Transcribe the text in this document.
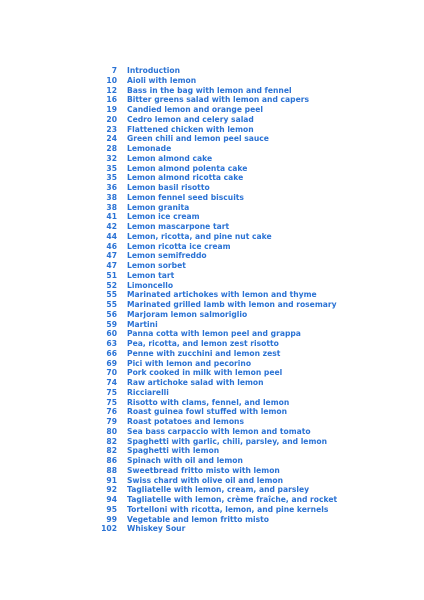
7 Introduction
10 Aioli with lemon
12 Bass in the bag with lemon and fennel
16 Bitter greens salad with lemon and capers
19 Candied lemon and orange peel
20 Cedro lemon and celery salad
23 Flattened chicken with lemon
24 Green chili and lemon peel sauce
28 Lemonade
32 Lemon almond cake
35 Lemon almond polenta cake
35 Lemon almond ricotta cake
36 Lemon basil risotto
38 Lemon fennel seed biscuits
38 Lemon granita
41 Lemon ice cream
42 Lemon mascarpone tart
44 Lemon, ricotta, and pine nut cake
46 Lemon ricotta ice cream
47 Lemon semifreddo
47 Lemon sorbet
51 Lemon tart
52 Limoncello
55 Marinated artichokes with lemon and thyme
55 Marinated grilled lamb with lemon and rosemary
56 Marjoram lemon salmoriglio
59 Martini
60 Panna cotta with lemon peel and grappa
63 Pea, ricotta, and lemon zest risotto
66 Penne with zucchini and lemon zest
69 Pici with lemon and pecorino
70 Pork cooked in milk with lemon peel
74 Raw artichoke salad with lemon
75 Ricciarelli
75 Risotto with clams, fennel, and lemon
76 Roast guinea fowl stuffed with lemon
79 Roast potatoes and lemons
80 Sea bass carpaccio with lemon and tomato
82 Spaghetti with garlic, chili, parsley, and lemon
82 Spaghetti with lemon
86 Spinach with oil and lemon
88 Sweetbread fritto misto with lemon
91 Swiss chard with olive oil and lemon
92 Tagliatelle with lemon, cream, and parsley
94 Tagliatelle with lemon, crème fraîche, and rocket
95 Tortelloni with ricotta, lemon, and pine kernels
99 Vegetable and lemon fritto misto
102 Whiskey Sour
